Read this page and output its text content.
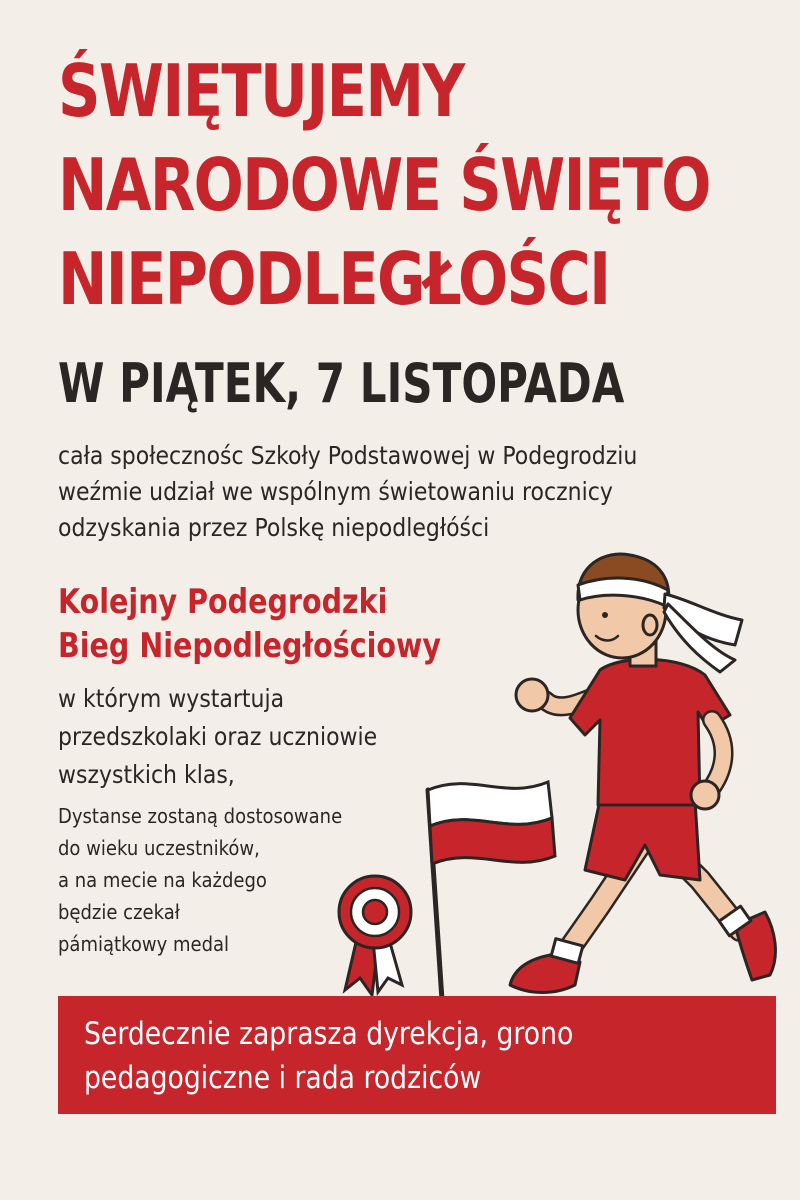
ŚWIĘTUJEMY
NARODOWE ŚWIĘTO
NIEPODLEGŁOŚCI
W PIĄTEK, 7 LISTOPADA

cała społecznośc Szkoły Podstawowej w Podegrodziu
weźmie udział we wspólnym świetowaniu rocznicy
odzyskania przez Polskę niepodległóści

Kolejny Podegrodzki
Bieg Niepodległościowy

w którym wystartuja
przedszkolaki oraz uczniowie
wszystkich klas,

Dystanse zostaną dostosowane
do wieku uczestników,
a na mecie na każdego
będzie czekał
pámiątkowy medal

Serdecznie zaprasza dyrekcja, grono
pedagogiczne i rada rodziców
